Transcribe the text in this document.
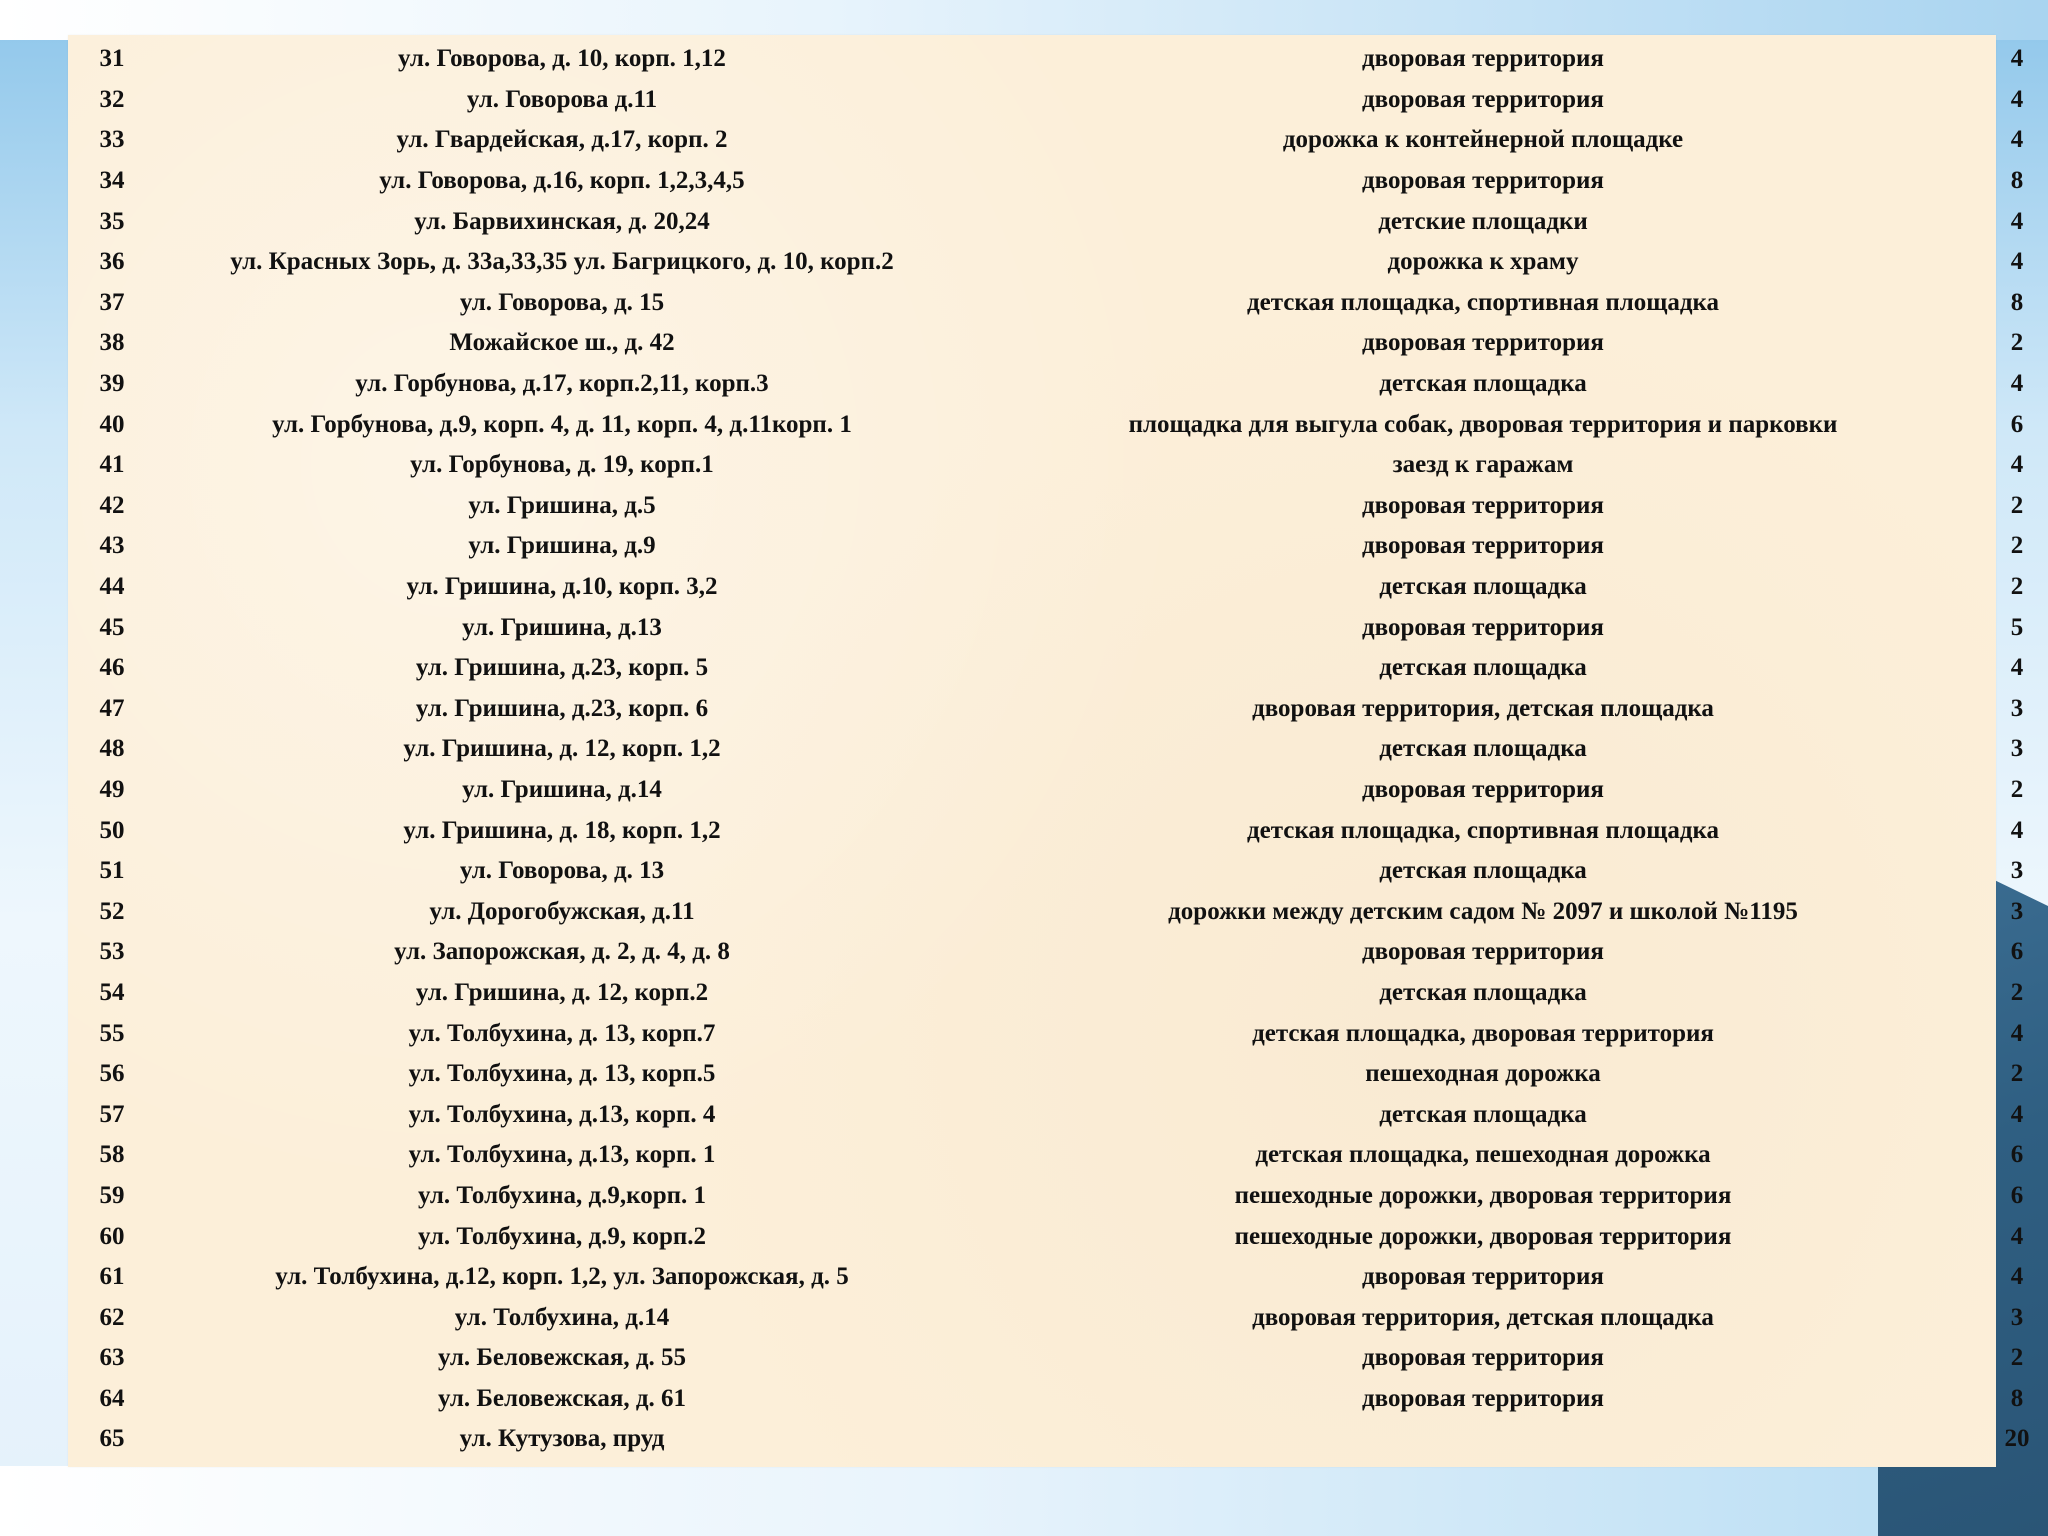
31	ул. Говорова, д. 10, корп. 1,12	дворовая территория	4
32	ул. Говорова д.11	дворовая территория	4
33	ул. Гвардейская, д.17, корп. 2	дорожка к контейнерной площадке	4
34	ул. Говорова, д.16, корп. 1,2,3,4,5	дворовая территория	8
35	ул. Барвихинская, д. 20,24	детские площадки	4
36	ул. Красных Зорь, д. 33а,33,35 ул. Багрицкого, д. 10, корп.2	дорожка к храму	4
37	ул. Говорова, д. 15	детская площадка, спортивная площадка	8
38	Можайское ш., д. 42	дворовая территория	2
39	ул. Горбунова, д.17, корп.2,11, корп.3	детская площадка	4
40	ул. Горбунова, д.9, корп. 4, д. 11, корп. 4, д.11корп. 1	площадка для выгула собак, дворовая территория и парковки	6
41	ул. Горбунова, д. 19, корп.1	заезд к гаражам	4
42	ул. Гришина, д.5	дворовая территория	2
43	ул. Гришина, д.9	дворовая территория	2
44	ул. Гришина, д.10, корп. 3,2	детская площадка	2
45	ул. Гришина, д.13	дворовая территория	5
46	ул. Гришина, д.23, корп. 5	детская площадка	4
47	ул. Гришина, д.23, корп. 6	дворовая территория, детская площадка	3
48	ул. Гришина, д. 12, корп. 1,2	детская площадка	3
49	ул. Гришина, д.14	дворовая территория	2
50	ул. Гришина, д. 18, корп. 1,2	детская площадка, спортивная площадка	4
51	ул. Говорова, д. 13	детская площадка	3
52	ул. Дорогобужская, д.11	дорожки между детским садом № 2097 и школой №1195	3
53	ул. Запорожская, д. 2, д. 4, д. 8	дворовая территория	6
54	ул. Гришина, д. 12, корп.2	детская площадка	2
55	ул. Толбухина, д. 13, корп.7	детская площадка, дворовая территория	4
56	ул. Толбухина, д. 13, корп.5	пешеходная дорожка	2
57	ул. Толбухина, д.13, корп. 4	детская площадка	4
58	ул. Толбухина, д.13, корп. 1	детская площадка, пешеходная дорожка	6
59	ул. Толбухина, д.9,корп. 1	пешеходные дорожки, дворовая территория	6
60	ул. Толбухина, д.9, корп.2	пешеходные дорожки, дворовая территория	4
61	ул. Толбухина, д.12, корп. 1,2, ул. Запорожская, д. 5	дворовая территория	4
62	ул. Толбухина, д.14	дворовая территория, детская площадка	3
63	ул. Беловежская, д. 55	дворовая территория	2
64	ул. Беловежская, д. 61	дворовая территория	8
65	ул. Кутузова, пруд		20
